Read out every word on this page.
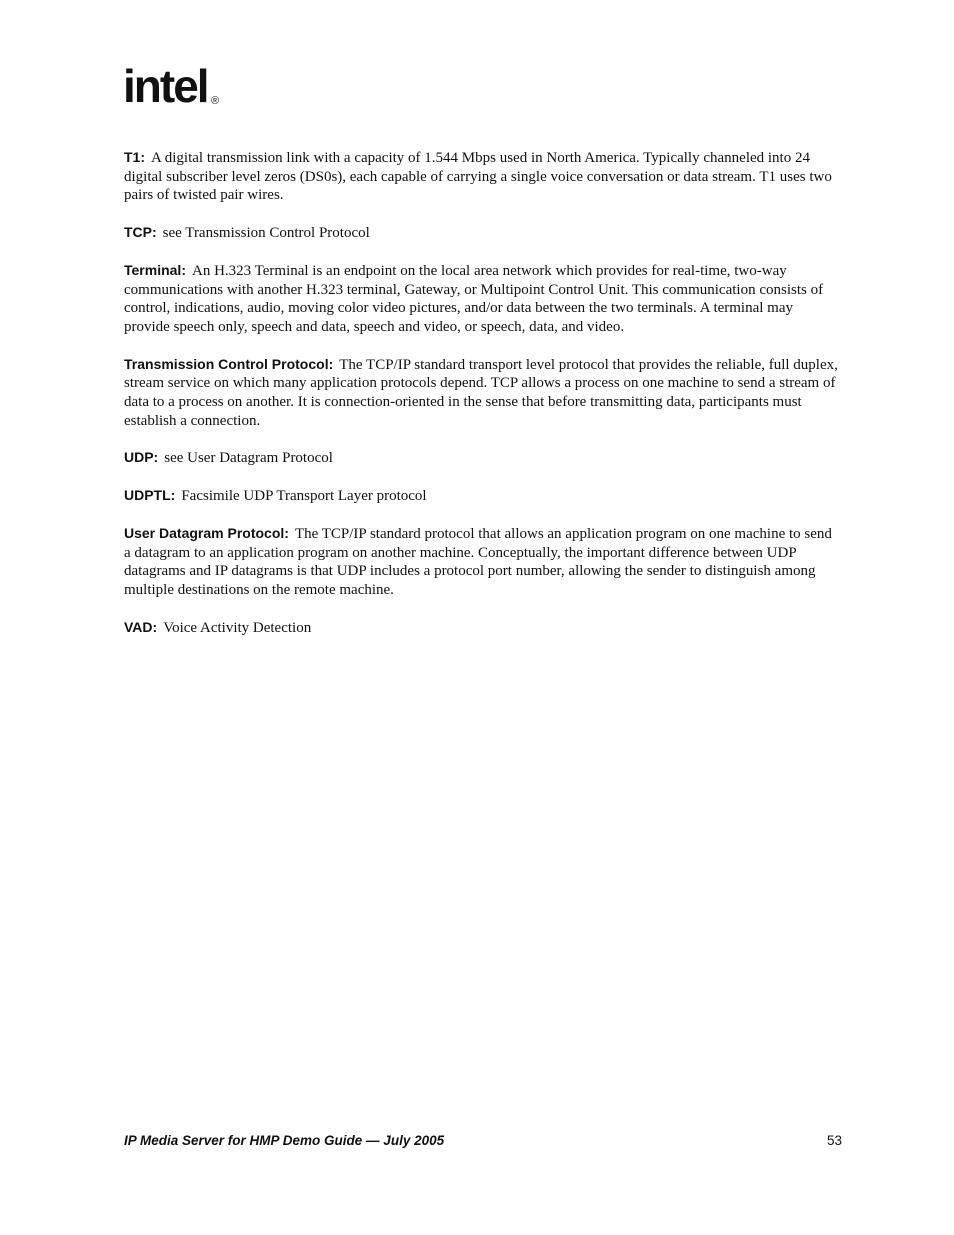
intel ®

T1: A digital transmission link with a capacity of 1.544 Mbps used in North America. Typically channeled into 24 digital subscriber level zeros (DS0s), each capable of carrying a single voice conversation or data stream. T1 uses two pairs of twisted pair wires.

TCP: see Transmission Control Protocol

Terminal: An H.323 Terminal is an endpoint on the local area network which provides for real-time, two-way communications with another H.323 terminal, Gateway, or Multipoint Control Unit. This communication consists of control, indications, audio, moving color video pictures, and/or data between the two terminals. A terminal may provide speech only, speech and data, speech and video, or speech, data, and video.

Transmission Control Protocol: The TCP/IP standard transport level protocol that provides the reliable, full duplex, stream service on which many application protocols depend. TCP allows a process on one machine to send a stream of data to a process on another. It is connection-oriented in the sense that before transmitting data, participants must establish a connection.

UDP: see User Datagram Protocol

UDPTL: Facsimile UDP Transport Layer protocol

User Datagram Protocol: The TCP/IP standard protocol that allows an application program on one machine to send a datagram to an application program on another machine. Conceptually, the important difference between UDP datagrams and IP datagrams is that UDP includes a protocol port number, allowing the sender to distinguish among multiple destinations on the remote machine.

VAD: Voice Activity Detection

IP Media Server for HMP Demo Guide — July 2005	53
